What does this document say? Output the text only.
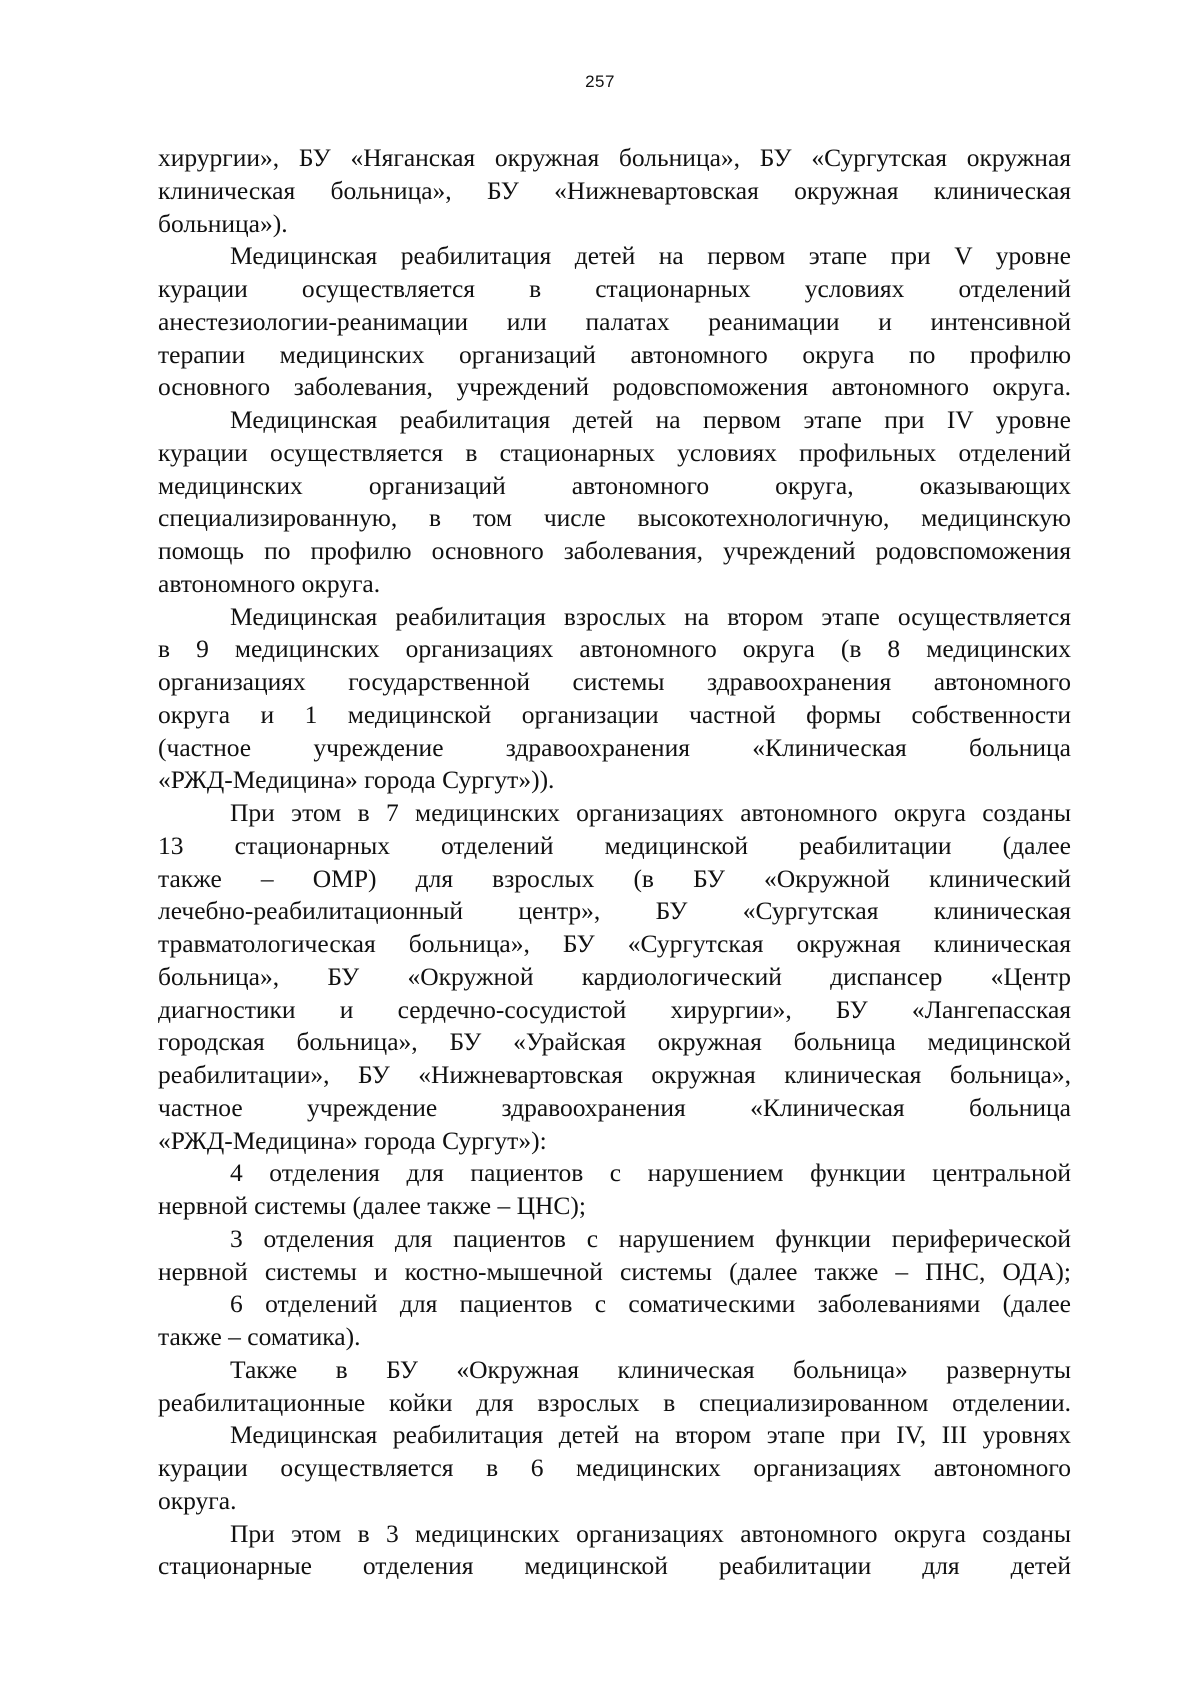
257
хирургии», БУ «Няганская окружная больница», БУ «Сургутская окружная
клиническая больница», БУ «Нижневартовская окружная клиническая
больница»).
Медицинская реабилитация детей на первом этапе при V уровне
курации осуществляется в стационарных условиях отделений
анестезиологии-реанимации или палатах реанимации и интенсивной
терапии медицинских организаций автономного округа по профилю
основного заболевания, учреждений родовспоможения автономного округа.
Медицинская реабилитация детей на первом этапе при IV уровне
курации осуществляется в стационарных условиях профильных отделений
медицинских организаций автономного округа, оказывающих
специализированную, в том числе высокотехнологичную, медицинскую
помощь по профилю основного заболевания, учреждений родовспоможения
автономного округа.
Медицинская реабилитация взрослых на втором этапе осуществляется
в 9 медицинских организациях автономного округа (в 8 медицинских
организациях государственной системы здравоохранения автономного
округа и 1 медицинской организации частной формы собственности
(частное учреждение здравоохранения «Клиническая больница
«РЖД-Медицина» города Сургут»)).
При этом в 7 медицинских организациях автономного округа созданы
13 стационарных отделений медицинской реабилитации (далее
также – ОМР) для взрослых (в БУ «Окружной клинический
лечебно-реабилитационный центр», БУ «Сургутская клиническая
травматологическая больница», БУ «Сургутская окружная клиническая
больница», БУ «Окружной кардиологический диспансер «Центр
диагностики и сердечно-сосудистой хирургии», БУ «Лангепасская
городская больница», БУ «Урайская окружная больница медицинской
реабилитации», БУ «Нижневартовская окружная клиническая больница»,
частное учреждение здравоохранения «Клиническая больница
«РЖД-Медицина» города Сургут»):
4 отделения для пациентов с нарушением функции центральной
нервной системы (далее также – ЦНС);
3 отделения для пациентов с нарушением функции периферической
нервной системы и костно-мышечной системы (далее также – ПНС, ОДА);
6 отделений для пациентов с соматическими заболеваниями (далее
также – соматика).
Также в БУ «Окружная клиническая больница» развернуты
реабилитационные койки для взрослых в специализированном отделении.
Медицинская реабилитация детей на втором этапе при IV, III уровнях
курации осуществляется в 6 медицинских организациях автономного
округа.
При этом в 3 медицинских организациях автономного округа созданы
стационарные отделения медицинской реабилитации для детей
